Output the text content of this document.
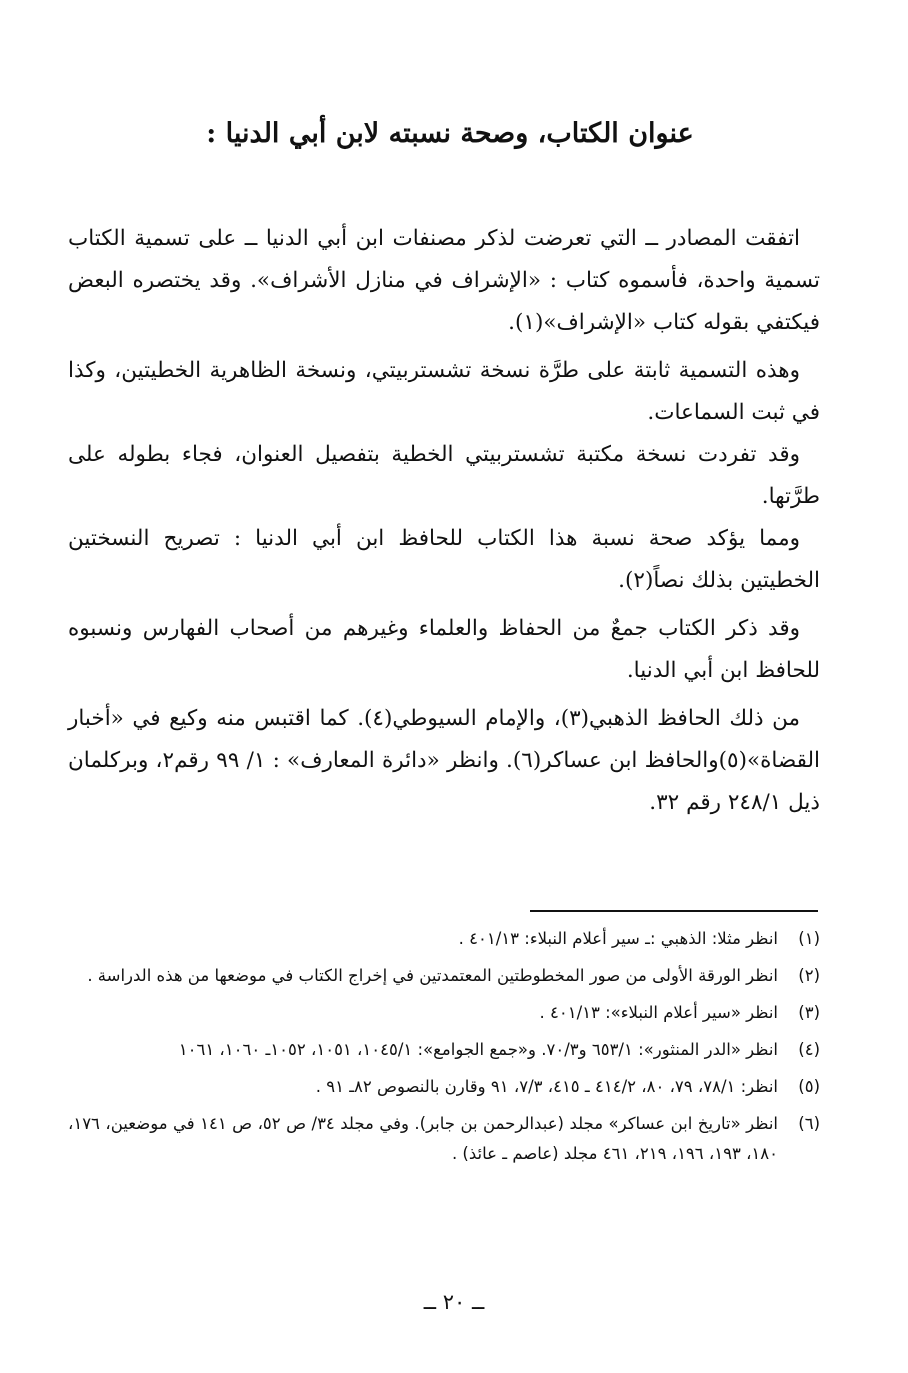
عنوان الكتاب، وصحة نسبته لابن أبي الدنيا :

اتفقت المصادر ــ التي تعرضت لذكر مصنفات ابن أبي الدنيا ــ على تسمية الكتاب تسمية واحدة، فأسموه كتاب : «الإشراف في منازل الأشراف». وقد يختصره البعض فيكتفي بقوله كتاب «الإشراف»(١).

وهذه التسمية ثابتة على طرَّة نسخة تشستربيتي، ونسخة الظاهرية الخطيتين، وكذا في ثبت السماعات.

وقد تفردت نسخة مكتبة تشستربيتي الخطية بتفصيل العنوان، فجاء بطوله على طرَّتها.

ومما يؤكد صحة نسبة هذا الكتاب للحافظ ابن أبي الدنيا : تصريح النسختين الخطيتين بذلك نصاً(٢).

وقد ذكر الكتاب جمعٌ من الحفاظ والعلماء وغيرهم من أصحاب الفهارس ونسبوه للحافظ ابن أبي الدنيا.

من ذلك الحافظ الذهبي(٣)، والإمام السيوطي(٤). كما اقتبس منه وكيع في «أخبار القضاة»(٥)والحافظ ابن عساكر(٦). وانظر «دائرة المعارف» : ١/ ٩٩ رقم٢، وبركلمان ذيل ٢٤٨/١ رقم ٣٢.

(١)
انظر مثلا: الذهبي :ـ سير أعلام النبلاء: ٤٠١/١٣ .
(٢)
انظر الورقة الأولى من صور المخطوطتين المعتمدتين في إخراج الكتاب في موضعها من هذه الدراسة .
(٣)
انظر «سير أعلام النبلاء»: ٤٠١/١٣ .
(٤)
انظر «الدر المنثور»: ٦٥٣/١ و٧٠/٣. و«جمع الجوامع»: ١٠٤٥/١، ١٠٥١، ١٠٥٢ـ ١٠٦٠، ١٠٦١
(٥)
انظر: ٧٨/١، ٧٩، ٨٠، ٤١٤/٢ ـ ٤١٥، ٧/٣، ٩١ وقارن بالنصوص ٨٢ـ ٩١ .
(٦)
انظر «تاريخ ابن عساكر» مجلد (عبدالرحمن بن جابر). وفي مجلد ٣٤/ ص ٥٢، ص ١٤١ في موضعين، ١٧٦، ١٨٠، ١٩٣، ١٩٦، ٢١٩، ٤٦١ مجلد (عاصم ـ عائذ) .
ــ ٢٠ ــ
